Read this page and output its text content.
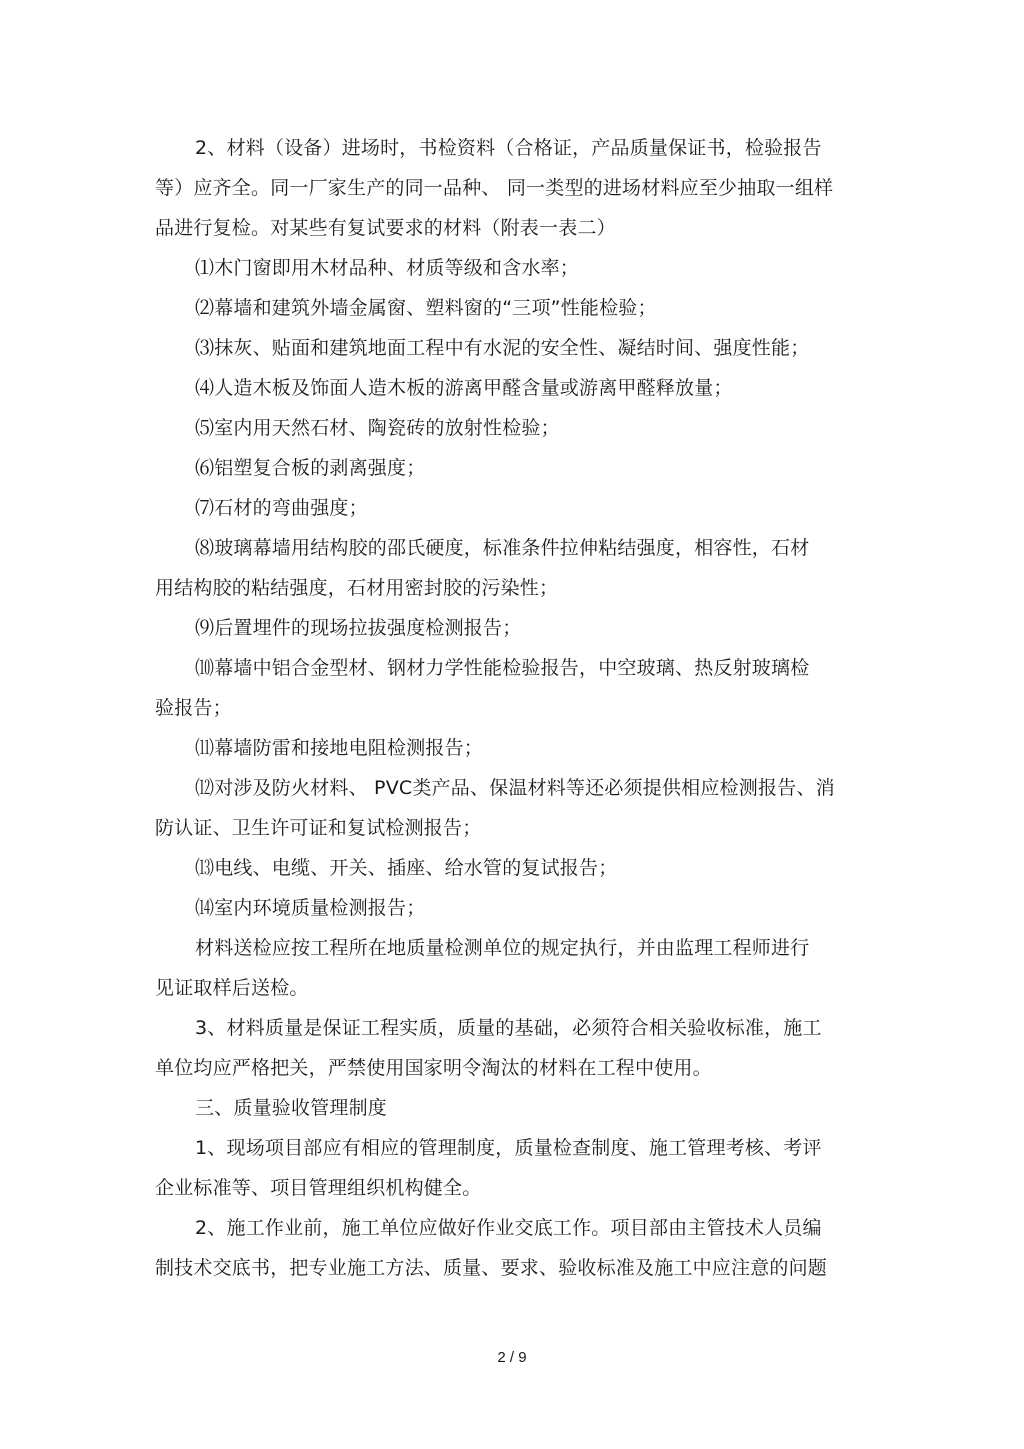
2、材料（设备）进场时，书检资料（合格证，产品质量保证书，检验报告

等）应齐全。同一厂家生产的同一品种、 同一类型的进场材料应至少抽取一组样

品进行复检。对某些有复试要求的材料（附表一表二）

⑴木门窗即用木材品种、材质等级和含水率；

⑵幕墙和建筑外墙金属窗、塑料窗的“三项”性能检验；

⑶抹灰、贴面和建筑地面工程中有水泥的安全性、凝结时间、强度性能；

⑷人造木板及饰面人造木板的游离甲醛含量或游离甲醛释放量；

⑸室内用天然石材、陶瓷砖的放射性检验；

⑹铝塑复合板的剥离强度；

⑺石材的弯曲强度；

⑻玻璃幕墙用结构胶的邵氏硬度，标准条件拉伸粘结强度，相容性，石材

用结构胶的粘结强度，石材用密封胶的污染性；

⑼后置埋件的现场拉拔强度检测报告；

⑽幕墙中铝合金型材、钢材力学性能检验报告，中空玻璃、热反射玻璃检

验报告；

⑾幕墙防雷和接地电阻检测报告；

⑿对涉及防火材料、 PVC类产品、保温材料等还必须提供相应检测报告、消

防认证、卫生许可证和复试检测报告；

⒀电线、电缆、开关、插座、给水管的复试报告；

⒁室内环境质量检测报告；

材料送检应按工程所在地质量检测单位的规定执行，并由监理工程师进行

见证取样后送检。

3、材料质量是保证工程实质，质量的基础，必须符合相关验收标准，施工

单位均应严格把关，严禁使用国家明令淘汰的材料在工程中使用。

三、质量验收管理制度

1、现场项目部应有相应的管理制度，质量检查制度、施工管理考核、考评

企业标准等、项目管理组织机构健全。

2、施工作业前，施工单位应做好作业交底工作。项目部由主管技术人员编

制技术交底书，把专业施工方法、质量、要求、验收标准及施工中应注意的问题

2 / 9
